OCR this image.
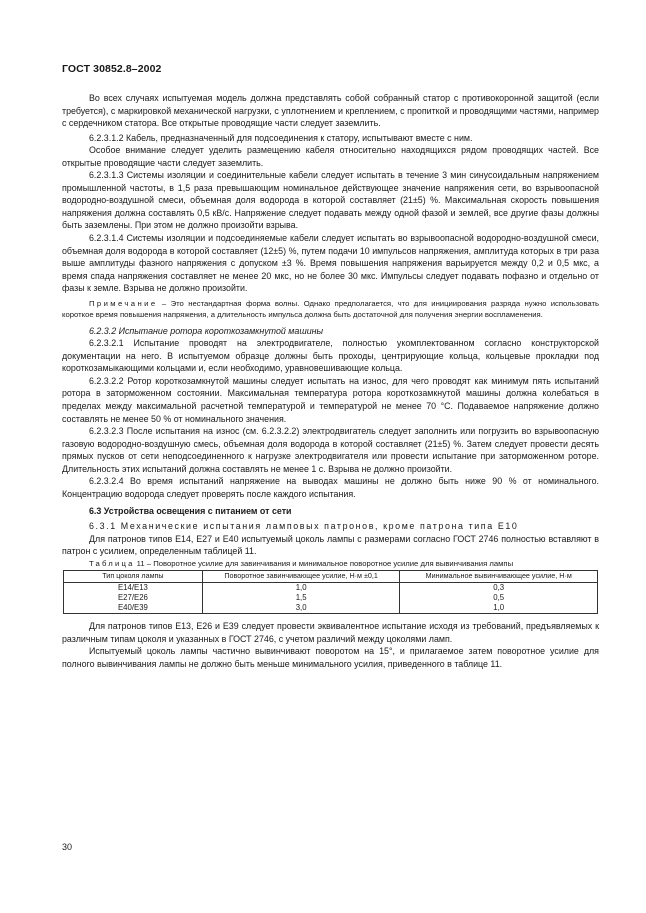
ГОСТ 30852.8–2002

Во всех случаях испытуемая модель должна представлять собой собранный статор с противокоронной защитой (если требуется), с маркировкой механической нагрузки, с уплотнением и креплением, с пропиткой и проводящими частями, например с сердечником статора. Все открытые проводящие части следует заземлить.

6.2.3.1.2 Кабель, предназначенный для подсоединения к статору, испытывают вместе с ним.

Особое внимание следует уделить размещению кабеля относительно находящихся рядом проводящих частей. Все открытые проводящие части следует заземлить.

6.2.3.1.3 Системы изоляции и соединительные кабели следует испытать в течение 3 мин синусоидальным напряжением промышленной частоты, в 1,5 раза превышающим номинальное действующее значение напряжения сети, во взрывоопасной водородно-воздушной смеси, объемная доля водорода в которой составляет (21±5) %. Максимальная скорость повышения напряжения должна составлять 0,5 кВ/с. Напряжение следует подавать между одной фазой и землей, все другие фазы должны быть заземлены. При этом не должно произойти взрыва.

6.2.3.1.4 Системы изоляции и подсоединяемые кабели следует испытать во взрывоопасной водородно-воздушной смеси, объемная доля водорода в которой составляет (12±5) %, путем подачи 10 импульсов напряжения, амплитуда которых в три раза выше амплитуды фазного напряжения с допуском ±3 %. Время повышения напряжения варьируется между 0,2 и 0,5 мкс, а время спада напряжения составляет не менее 20 мкс, но не более 30 мкс. Импульсы следует подавать пофазно и отдельно от фазы к земле. Взрыва не должно произойти.

Примечание – Это нестандартная форма волны. Однако предполагается, что для инициирования разряда нужно использовать короткое время повышения напряжения, а длительность импульса должна быть достаточной для получения энергии воспламенения.

6.2.3.2 Испытание ротора короткозамкнутой машины

6.2.3.2.1 Испытание проводят на электродвигателе, полностью укомплектованном согласно конструкторской документации на него. В испытуемом образце должны быть проходы, центрирующие кольца, кольцевые прокладки под короткозамыкающими кольцами и, если необходимо, уравновешивающие кольца.

6.2.3.2.2 Ротор короткозамкнутой машины следует испытать на износ, для чего проводят как минимум пять испытаний ротора в заторможенном состоянии. Максимальная температура ротора короткозамкнутой машины должна колебаться в пределах между максимальной расчетной температурой и температурой не менее 70 °С. Подаваемое напряжение должно составлять не менее 50 % от номинального значения.

6.2.3.2.3 После испытания на износ (см. 6.2.3.2.2) электродвигатель следует заполнить или погрузить во взрывоопасную газовую водородно-воздушную смесь, объемная доля водорода в которой составляет (21±5) %. Затем следует провести десять прямых пусков от сети неподсоединенного к нагрузке электродвигателя или провести испытание при заторможенном роторе. Длительность этих испытаний должна составлять не менее 1 с. Взрыва не должно произойти.

6.2.3.2.4 Во время испытаний напряжение на выводах машины не должно быть ниже 90 % от номинального. Концентрацию водорода следует проверять после каждого испытания.

6.3 Устройства освещения с питанием от сети

6.3.1 Механические испытания ламповых патронов, кроме патрона типа Е10

Для патронов типов Е14, Е27 и Е40 испытуемый цоколь лампы с размерами согласно ГОСТ 2746 полностью вставляют в патрон с усилием, определенным таблицей 11.

Таблица 11 – Поворотное усилие для завинчивания и минимальное поворотное усилие для вывинчивания лампы

Тип цоколя лампы	Поворотное завинчивающее усилие, Н·м ±0,1	Минимальное вывинчивающее усилие, Н·м
Е14/Е13	1,0	0,3
Е27/Е26	1,5	0,5
Е40/Е39	3,0	1,0

Для патронов типов Е13, Е26 и Е39 следует провести эквивалентное испытание исходя из требований, предъявляемых к различным типам цоколя и указанных в ГОСТ 2746, с учетом различий между цоколями ламп.

Испытуемый цоколь лампы частично вывинчивают поворотом на 15°, и прилагаемое затем поворотное усилие для полного вывинчивания лампы не должно быть меньше минимального усилия, приведенного в таблице 11.

30
